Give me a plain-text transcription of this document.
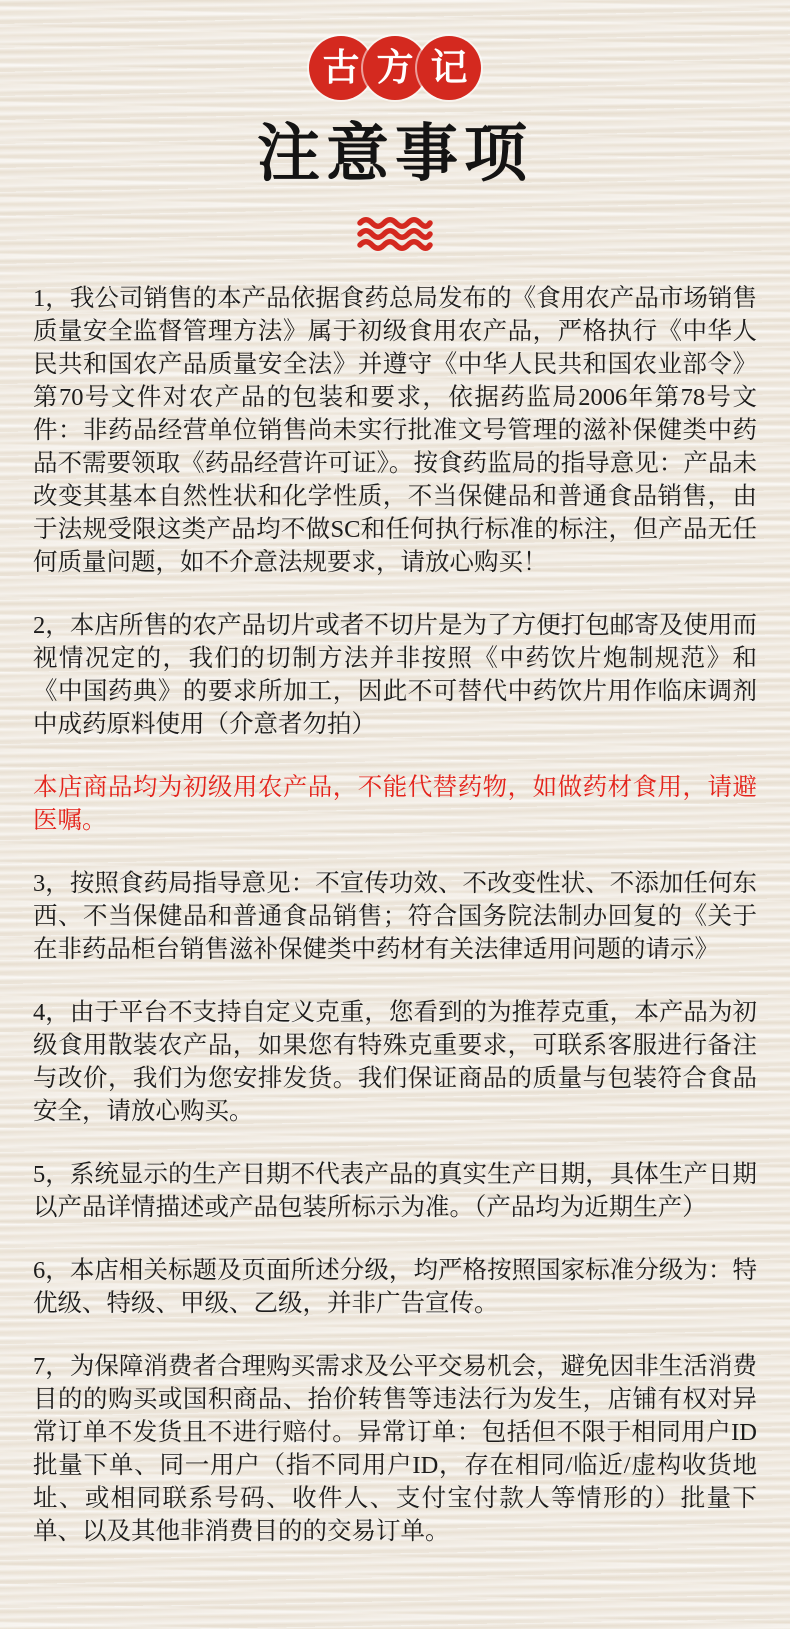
古 方 记
注意事项

1，我公司销售的本产品依据食药总局发布的《食用农产品市场销售质量安全监督管理方法》属于初级食用农产品，严格执行《中华人民共和国农产品质量安全法》并遵守《中华人民共和国农业部令》第70号文件对农产品的包装和要求，依据药监局2006年第78号文件：非药品经营单位销售尚未实行批准文号管理的滋补保健类中药品不需要领取《药品经营许可证》。按食药监局的指导意见：产品未改变其基本自然性状和化学性质，不当保健品和普通食品销售，由于法规受限这类产品均不做SC和任何执行标准的标注，但产品无任何质量问题，如不介意法规要求，请放心购买！

2，本店所售的农产品切片或者不切片是为了方便打包邮寄及使用而视情况定的，我们的切制方法并非按照《中药饮片炮制规范》和《中国药典》的要求所加工，因此不可替代中药饮片用作临床调剂中成药原料使用（介意者勿拍）

本店商品均为初级用农产品，不能代替药物，如做药材食用，请避医嘱。

3，按照食药局指导意见：不宣传功效、不改变性状、不添加任何东西、不当保健品和普通食品销售；符合国务院法制办回复的《关于在非药品柜台销售滋补保健类中药材有关法律适用问题的请示》

4，由于平台不支持自定义克重，您看到的为推荐克重，本产品为初级食用散装农产品，如果您有特殊克重要求，可联系客服进行备注与改价，我们为您安排发货。我们保证商品的质量与包装符合食品安全，请放心购买。

5，系统显示的生产日期不代表产品的真实生产日期，具体生产日期以产品详情描述或产品包装所标示为准。（产品均为近期生产）

6，本店相关标题及页面所述分级，均严格按照国家标准分级为：特优级、特级、甲级、乙级，并非广告宣传。

7，为保障消费者合理购买需求及公平交易机会，避免因非生活消费目的的购买或国积商品、抬价转售等违法行为发生，店铺有权对异常订单不发货且不进行赔付。异常订单：包括但不限于相同用户ID批量下单、同一用户（指不同用户ID，存在相同/临近/虚构收货地址、或相同联系号码、收件人、支付宝付款人等情形的）批量下单、以及其他非消费目的的交易订单。
